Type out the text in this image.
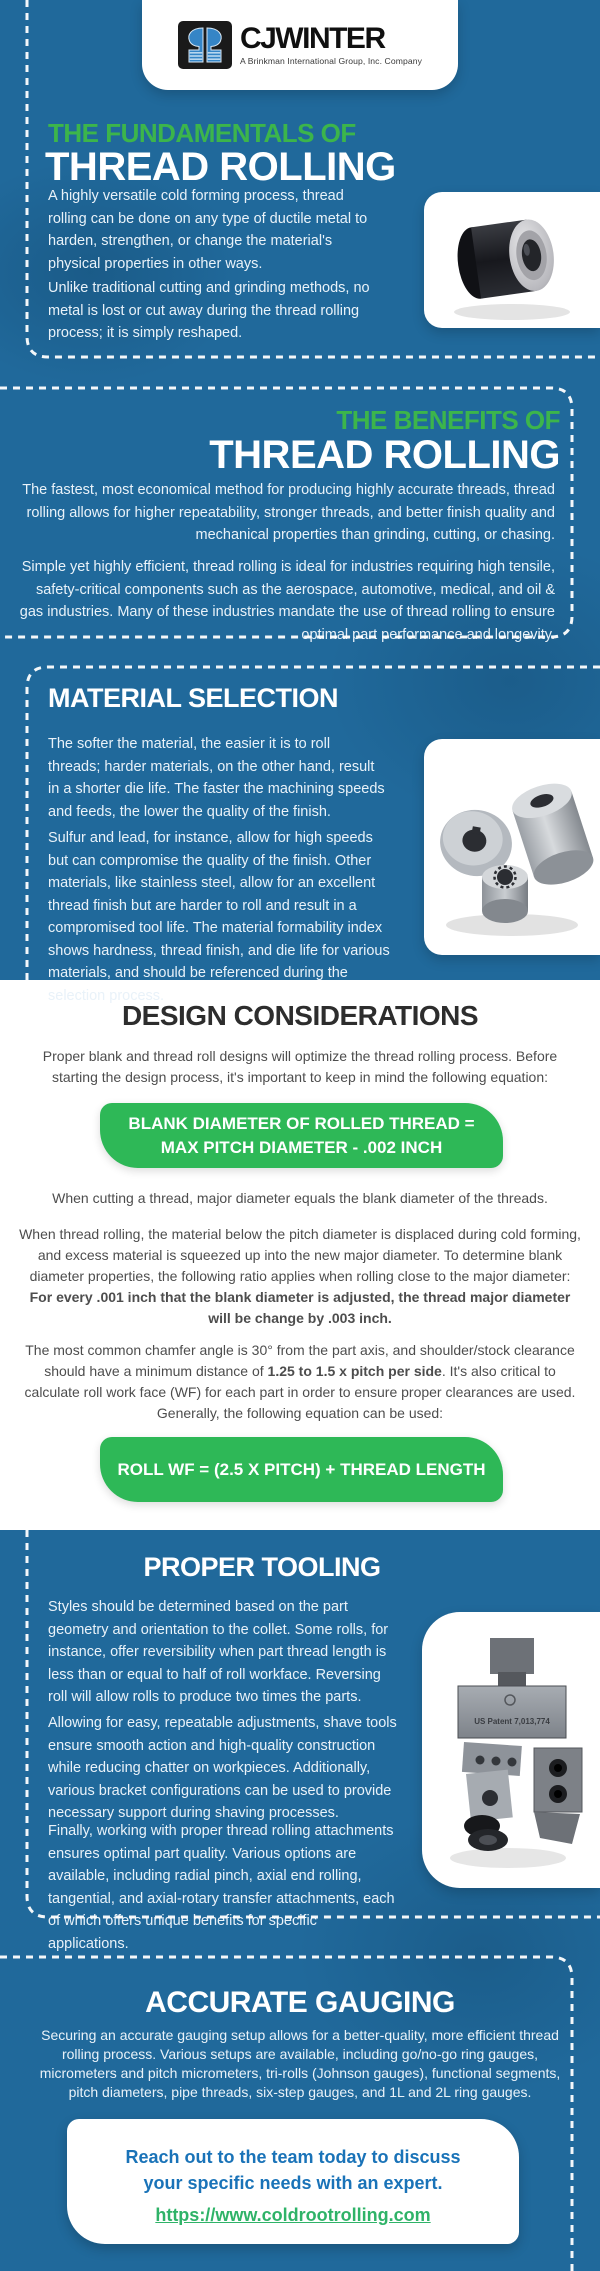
CJWINTER
A Brinkman International Group, Inc. Company
THE FUNDAMENTALS OF
THREAD ROLLING
A highly versatile cold forming process, thread rolling can be done on any type of ductile metal to harden, strengthen, or change the material's physical properties in other ways.
Unlike traditional cutting and grinding methods, no metal is lost or cut away during the thread rolling process; it is simply reshaped.
THE BENEFITS OF
THREAD ROLLING
The fastest, most economical method for producing highly accurate threads, thread rolling allows for higher repeatability, stronger threads, and better finish quality and mechanical properties than grinding, cutting, or chasing.
Simple yet highly efficient, thread rolling is ideal for industries requiring high tensile, safety-critical components such as the aerospace, automotive, medical, and oil & gas industries. Many of these industries mandate the use of thread rolling to ensure optimal part performance and longevity.
MATERIAL SELECTION
The softer the material, the easier it is to roll threads; harder materials, on the other hand, result in a shorter die life. The faster the machining speeds and feeds, the lower the quality of the finish.
Sulfur and lead, for instance, allow for high speeds but can compromise the quality of the finish. Other materials, like stainless steel, allow for an excellent thread finish but are harder to roll and result in a compromised tool life. The material formability index shows hardness, thread finish, and die life for various materials, and should be referenced during the selection process.
DESIGN CONSIDERATIONS
Proper blank and thread roll designs will optimize the thread rolling process. Before starting the design process, it's important to keep in mind the following equation:
BLANK DIAMETER OF ROLLED THREAD =
MAX PITCH DIAMETER - .002 INCH
When cutting a thread, major diameter equals the blank diameter of the threads.
When thread rolling, the material below the pitch diameter is displaced during cold forming, and excess material is squeezed up into the new major diameter. To determine blank diameter properties, the following ratio applies when rolling close to the major diameter:
For every .001 inch that the blank diameter is adjusted, the thread major diameter will be change by .003 inch.
The most common chamfer angle is 30° from the part axis, and shoulder/stock clearance should have a minimum distance of 1.25 to 1.5 x pitch per side. It's also critical to calculate roll work face (WF) for each part in order to ensure proper clearances are used.
Generally, the following equation can be used:
ROLL WF = (2.5 X PITCH) + THREAD LENGTH
PROPER TOOLING
Styles should be determined based on the part geometry and orientation to the collet. Some rolls, for instance, offer reversibility when part thread length is less than or equal to half of roll workface. Reversing roll will allow rolls to produce two times the parts.
Allowing for easy, repeatable adjustments, shave tools ensure smooth action and high-quality construction while reducing chatter on workpieces. Additionally, various bracket configurations can be used to provide necessary support during shaving processes.
Finally, working with proper thread rolling attachments ensures optimal part quality. Various options are available, including radial pinch, axial end rolling, tangential, and axial-rotary transfer attachments, each of which offers unique benefits for specific applications.
US Patent 7,013,774
ACCURATE GAUGING
Securing an accurate gauging setup allows for a better-quality, more efficient thread rolling process. Various setups are available, including go/no-go ring gauges, micrometers and pitch micrometers, tri-rolls (Johnson gauges), functional segments, pitch diameters, pipe threads, six-step gauges, and 1L and 2L ring gauges.
Reach out to the team today to discuss
your specific needs with an expert.
https://www.coldrootrolling.com
